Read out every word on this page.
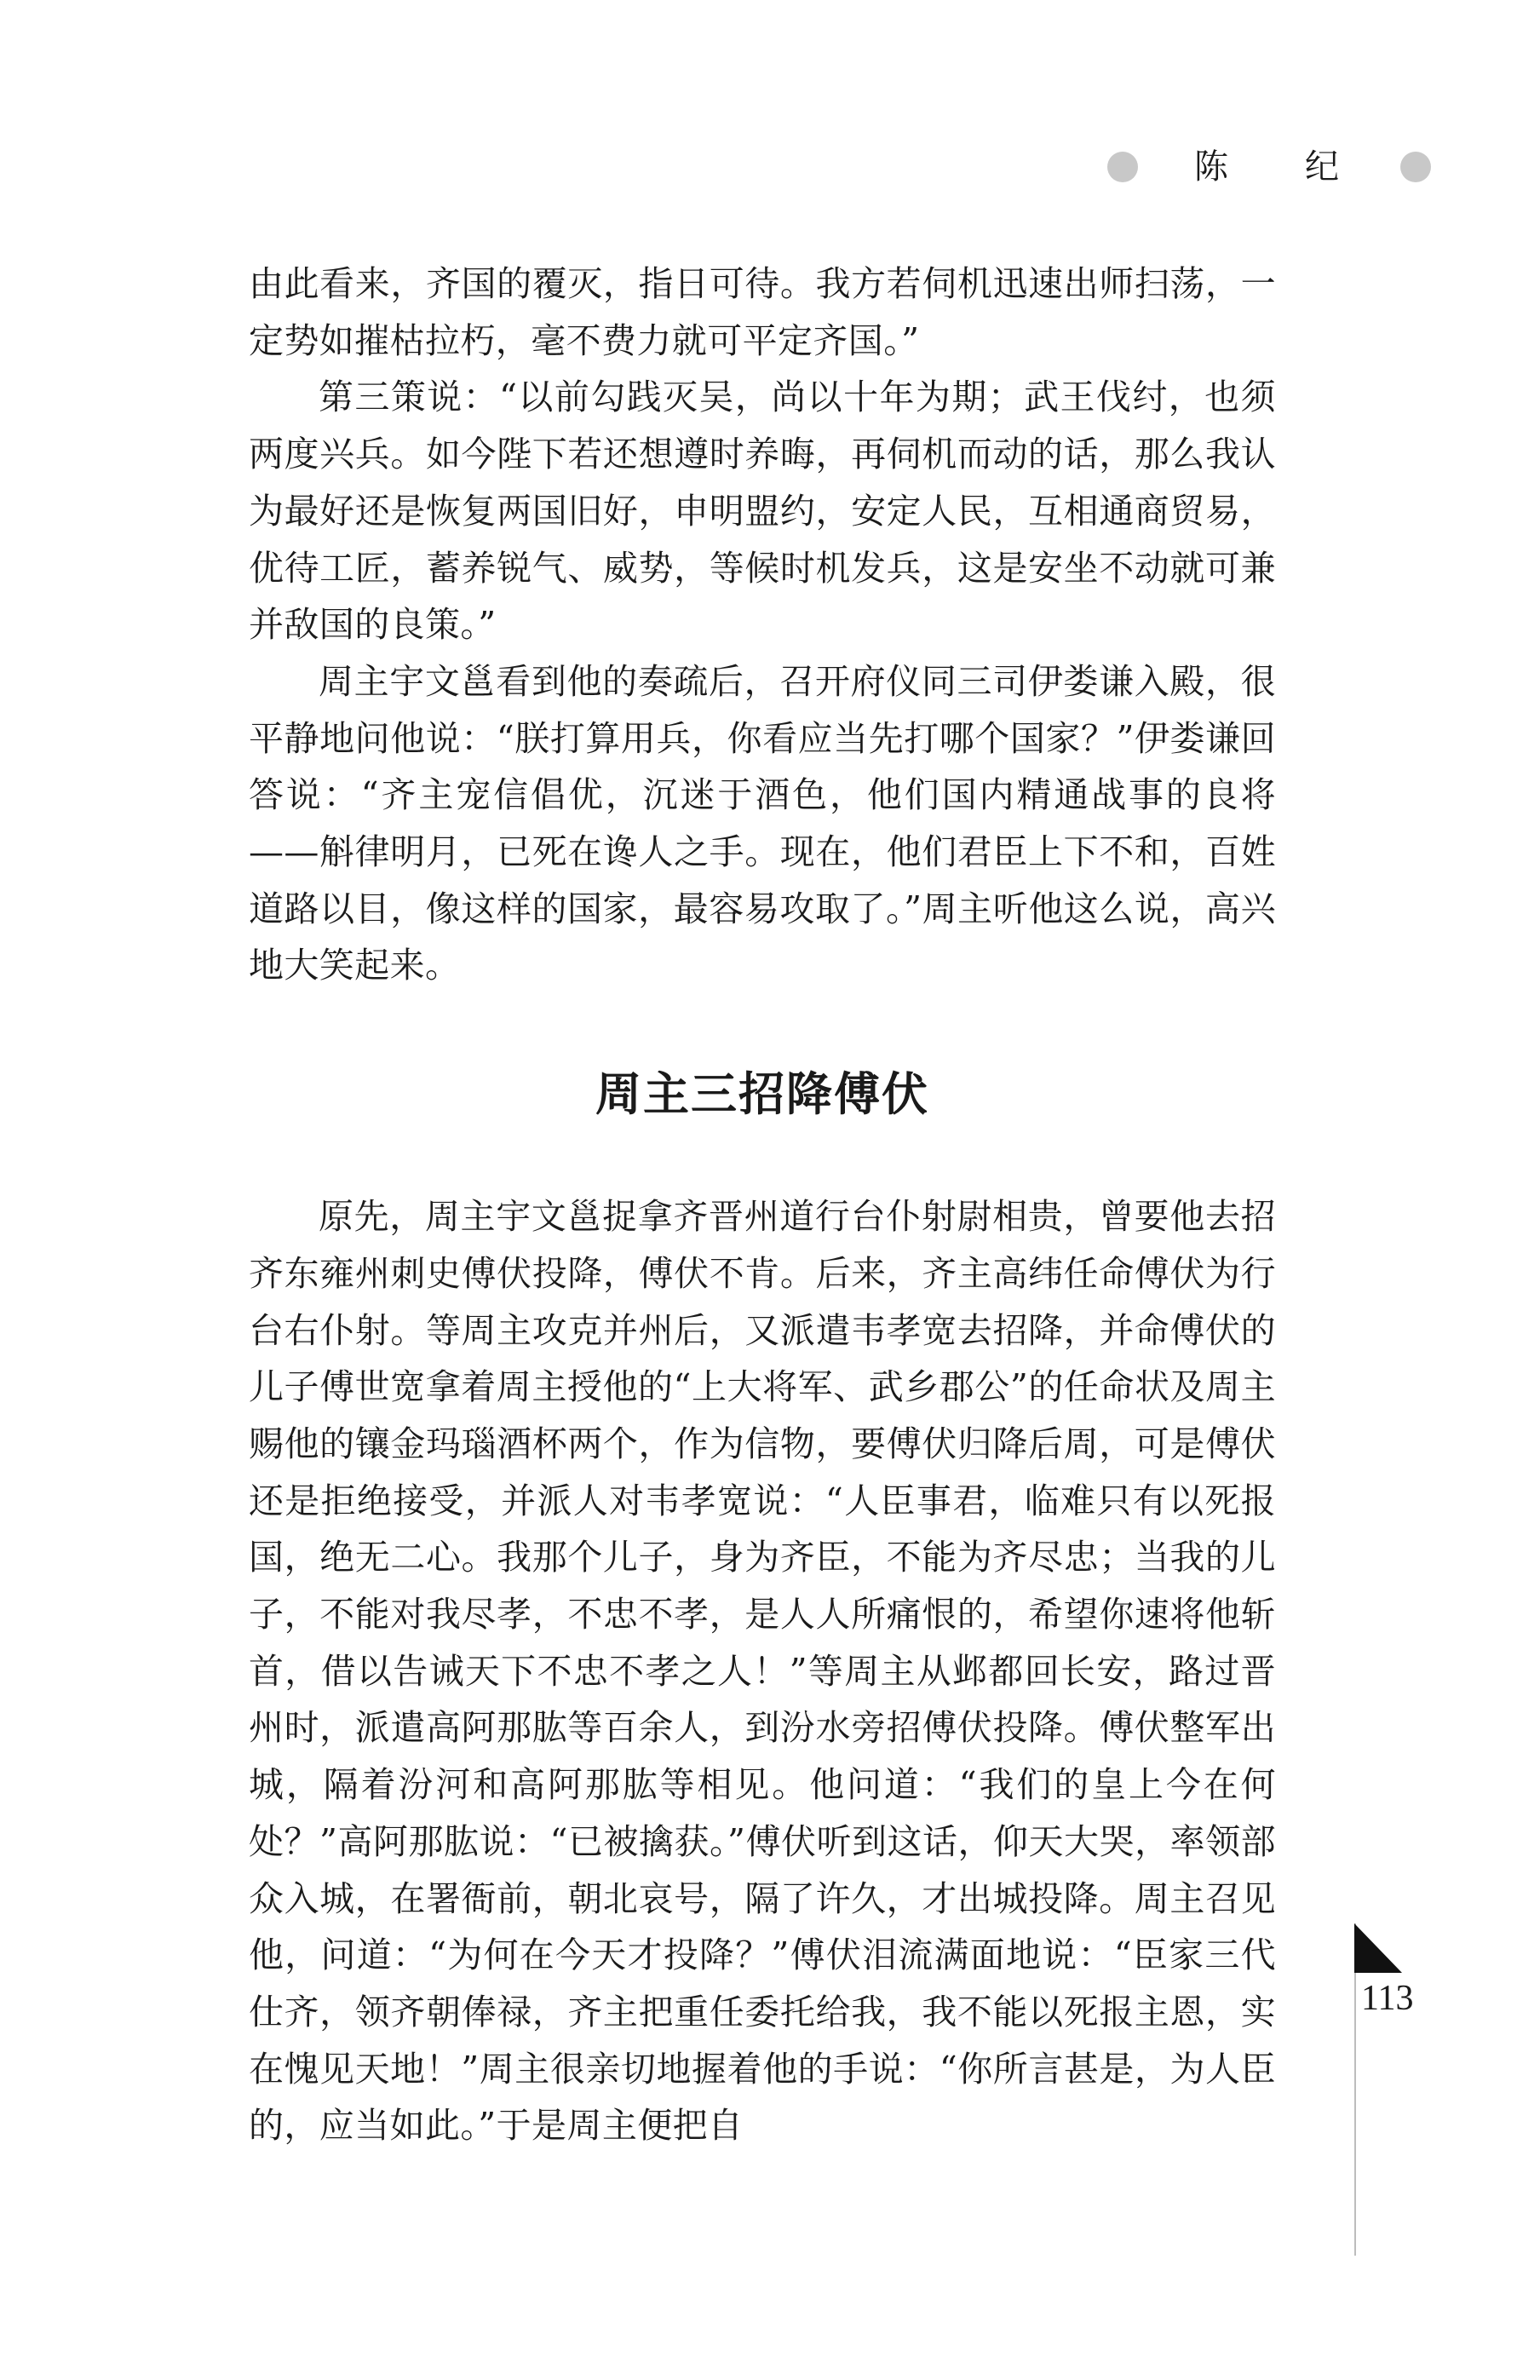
陈 纪

由此看来，齐国的覆灭，指日可待。我方若伺机迅速出师扫荡，一定势如摧枯拉朽，毫不费力就可平定齐国。”

第三策说：“以前勾践灭吴，尚以十年为期；武王伐纣，也须两度兴兵。如今陛下若还想遵时养晦，再伺机而动的话，那么我认为最好还是恢复两国旧好，申明盟约，安定人民，互相通商贸易，优待工匠，蓄养锐气、威势，等候时机发兵，这是安坐不动就可兼并敌国的良策。”

周主宇文邕看到他的奏疏后，召开府仪同三司伊娄谦入殿，很平静地问他说：“朕打算用兵，你看应当先打哪个国家？”伊娄谦回答说：“齐主宠信倡优，沉迷于酒色，他们国内精通战事的良将——斛律明月，已死在谗人之手。现在，他们君臣上下不和，百姓道路以目，像这样的国家，最容易攻取了。”周主听他这么说，高兴地大笑起来。

周主三招降傅伏

原先，周主宇文邕捉拿齐晋州道行台仆射尉相贵，曾要他去招齐东雍州刺史傅伏投降，傅伏不肯。后来，齐主高纬任命傅伏为行台右仆射。等周主攻克并州后，又派遣韦孝宽去招降，并命傅伏的儿子傅世宽拿着周主授他的“上大将军、武乡郡公”的任命状及周主赐他的镶金玛瑙酒杯两个，作为信物，要傅伏归降后周，可是傅伏还是拒绝接受，并派人对韦孝宽说：“人臣事君，临难只有以死报国，绝无二心。我那个儿子，身为齐臣，不能为齐尽忠；当我的儿子，不能对我尽孝，不忠不孝，是人人所痛恨的，希望你速将他斩首，借以告诫天下不忠不孝之人！”等周主从邺都回长安，路过晋州时，派遣高阿那肱等百余人，到汾水旁招傅伏投降。傅伏整军出城，隔着汾河和高阿那肱等相见。他问道：“我们的皇上今在何处？”高阿那肱说：“已被擒获。”傅伏听到这话，仰天大哭，率领部众入城，在署衙前，朝北哀号，隔了许久，才出城投降。周主召见他，问道：“为何在今天才投降？”傅伏泪流满面地说：“臣家三代仕齐，领齐朝俸禄，齐主把重任委托给我，我不能以死报主恩，实在愧见天地！”周主很亲切地握着他的手说：“你所言甚是，为人臣的，应当如此。”于是周主便把自

113
